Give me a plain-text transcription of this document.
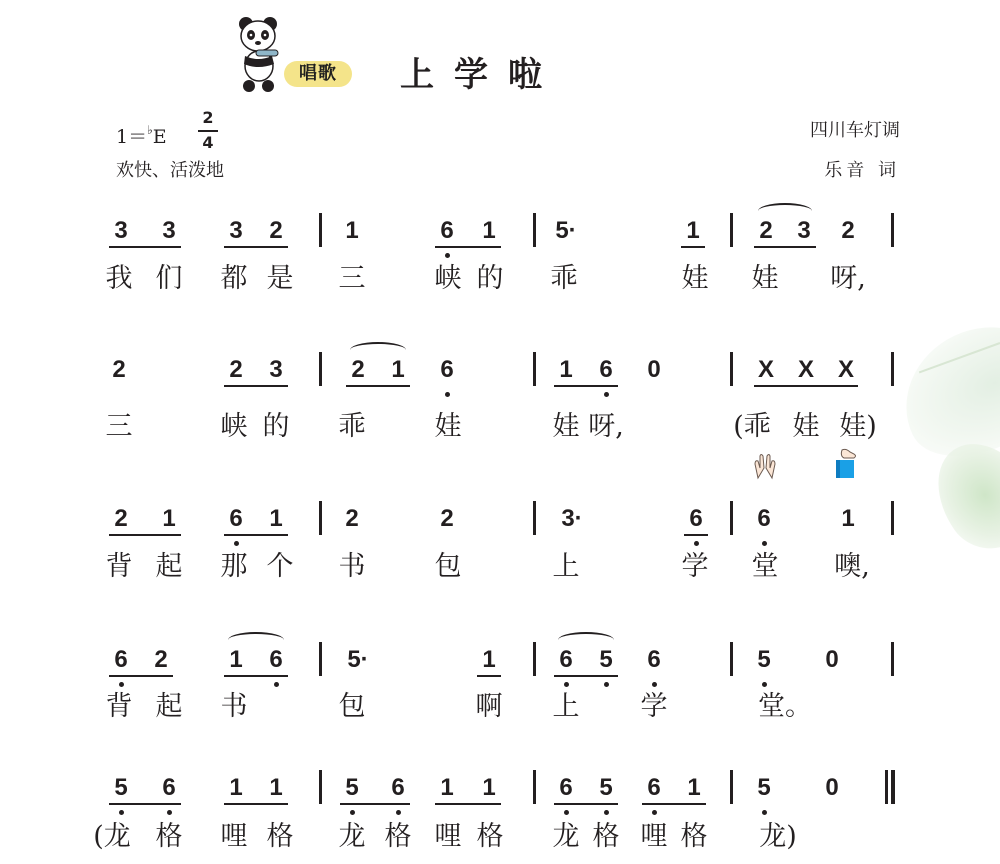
唱歌	上学啦
1＝♭E
2
4
欢快、活泼地
四川车灯调
乐音 词
3 3 3 2	1	6 1 5·	1 2 3 2
我 们 都 是 三	峡 的 乖	娃 娃 呀,
2	2 3	2 1 6	1 6 0	X X X
三	峡 的 乖	娃	娃 呀,	(乖 娃 娃)
2 1 6 1	2	2	3·	6 6	1
背 起 那 个 书	包	上	学 堂 噢,
6 2	1 6	5·	1	6 5 6	5 0
背 起 书	包	啊 上 学	堂。
5 6 1 1	5 6 1 1	6 5 6 1 5 0
(龙 格 哩 格 龙 格 哩 格 龙 格 哩 格 龙)
